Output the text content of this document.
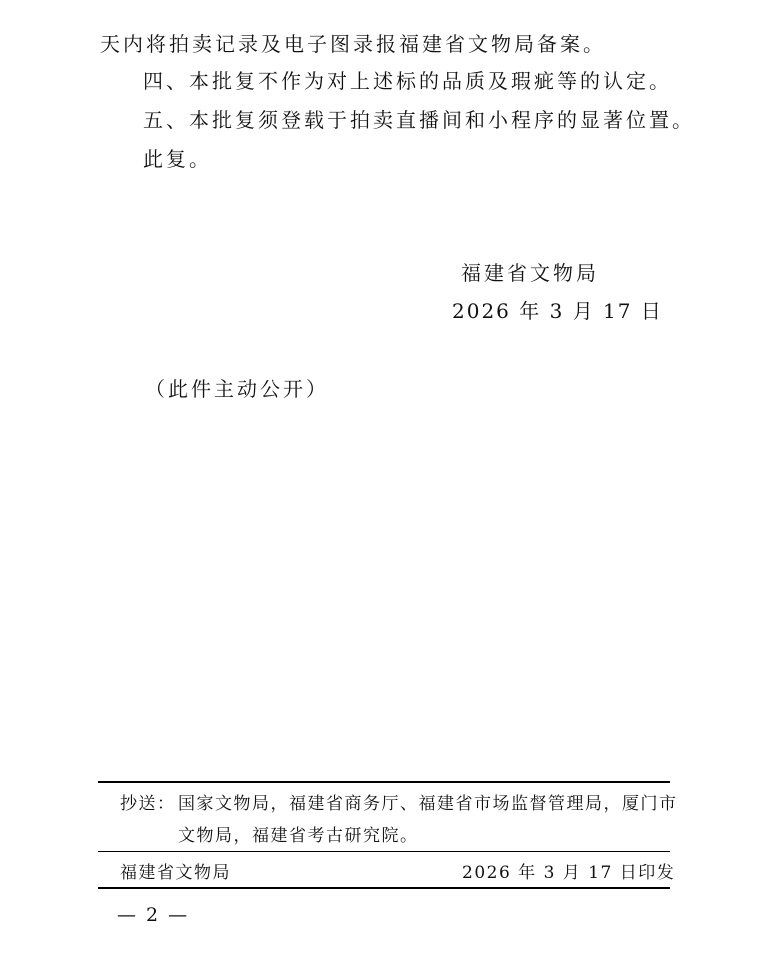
天内将拍卖记录及电子图录报福建省文物局备案。
四、本批复不作为对上述标的品质及瑕疵等的认定。
五、本批复须登载于拍卖直播间和小程序的显著位置。
此复。
福建省文物局
2026 年 3 月 17 日
（此件主动公开）
抄送： 国家文物局，福建省商务厅、福建省市场监督管理局，厦门市
文物局，福建省考古研究院。
福建省文物局	2026 年 3 月 17 日印发
— 2 —
